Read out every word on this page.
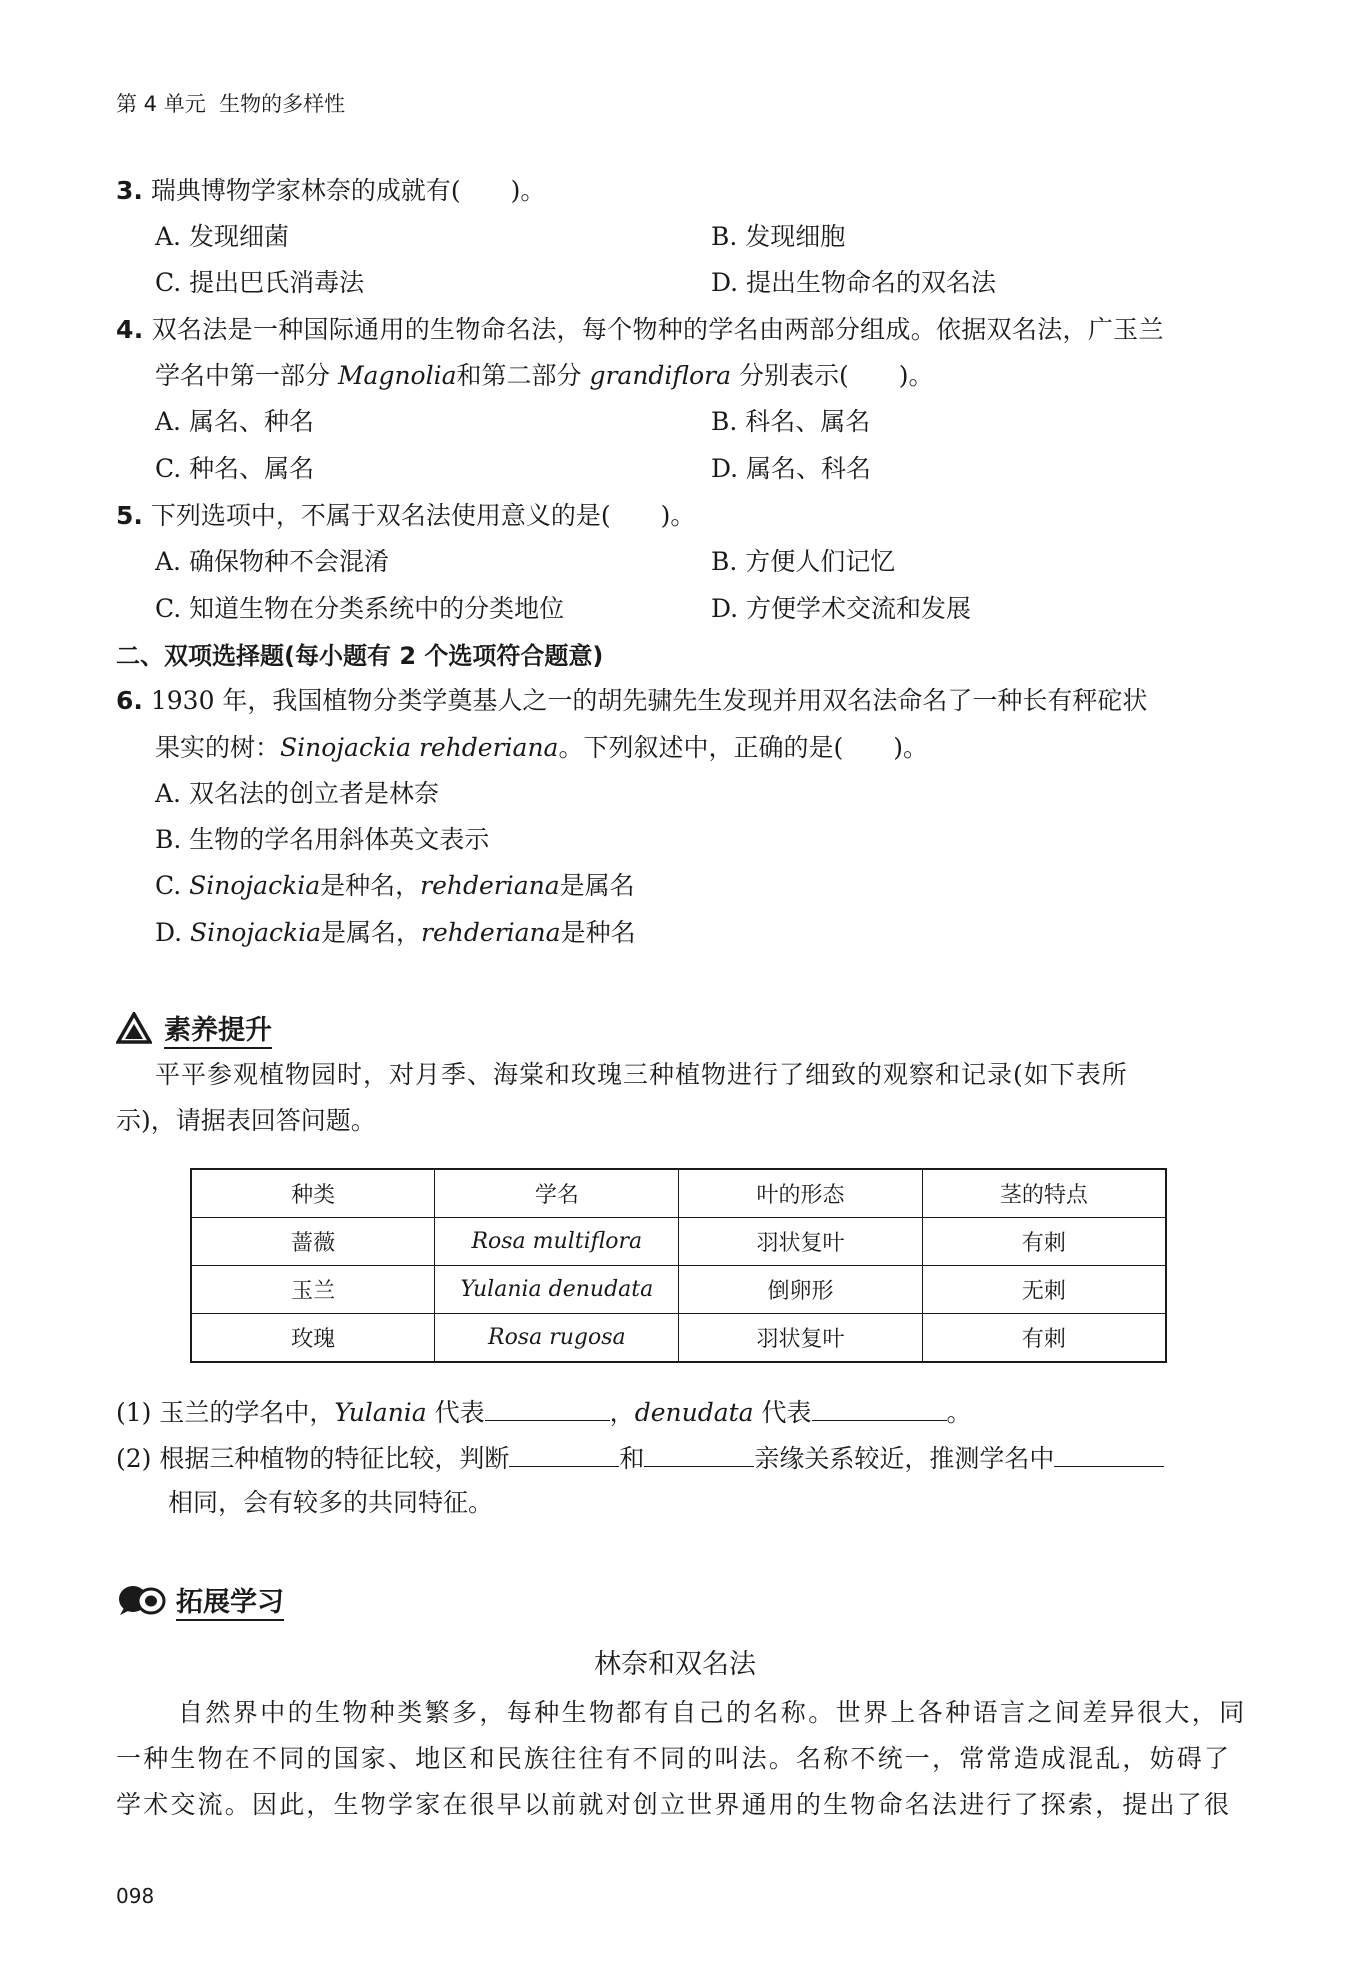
第 4 单元 生物的多样性
3. 瑞典博物学家林奈的成就有(　　)。
A. 发现细菌	B. 发现细胞
C. 提出巴氏消毒法	D. 提出生物命名的双名法
4. 双名法是一种国际通用的生物命名法，每个物种的学名由两部分组成。依据双名法，广玉兰
学名中第一部分 Magnolia和第二部分 grandiflora 分别表示(　　)。
A. 属名、种名	B. 科名、属名
C. 种名、属名	D. 属名、科名
5. 下列选项中，不属于双名法使用意义的是(　　)。
A. 确保物种不会混淆	B. 方便人们记忆
C. 知道生物在分类系统中的分类地位	D. 方便学术交流和发展
二、双项选择题(每小题有 2 个选项符合题意)
6. 1930 年，我国植物分类学奠基人之一的胡先骕先生发现并用双名法命名了一种长有秤砣状
果实的树：Sinojackia rehderiana。下列叙述中，正确的是(　　)。
A. 双名法的创立者是林奈
B. 生物的学名用斜体英文表示
C. Sinojackia是种名，rehderiana是属名
D. Sinojackia是属名，rehderiana是种名
素养提升
平平参观植物园时，对月季、海棠和玫瑰三种植物进行了细致的观察和记录(如下表所
示)，请据表回答问题。
种类	学名	叶的形态	茎的特点
蔷薇	Rosa multiflora	羽状复叶	有刺
玉兰	Yulania denudata	倒卵形	无刺
玫瑰	Rosa rugosa	羽状复叶	有刺
(1) 玉兰的学名中，Yulania 代表	，denudata 代表	。
(2) 根据三种植物的特征比较，判断	和	亲缘关系较近，推测学名中
相同，会有较多的共同特征。
拓展学习
林奈和双名法
自然界中的生物种类繁多，每种生物都有自己的名称。世界上各种语言之间差异很大，同
一种生物在不同的国家、地区和民族往往有不同的叫法。名称不统一，常常造成混乱，妨碍了
学术交流。因此，生物学家在很早以前就对创立世界通用的生物命名法进行了探索，提出了很
098
